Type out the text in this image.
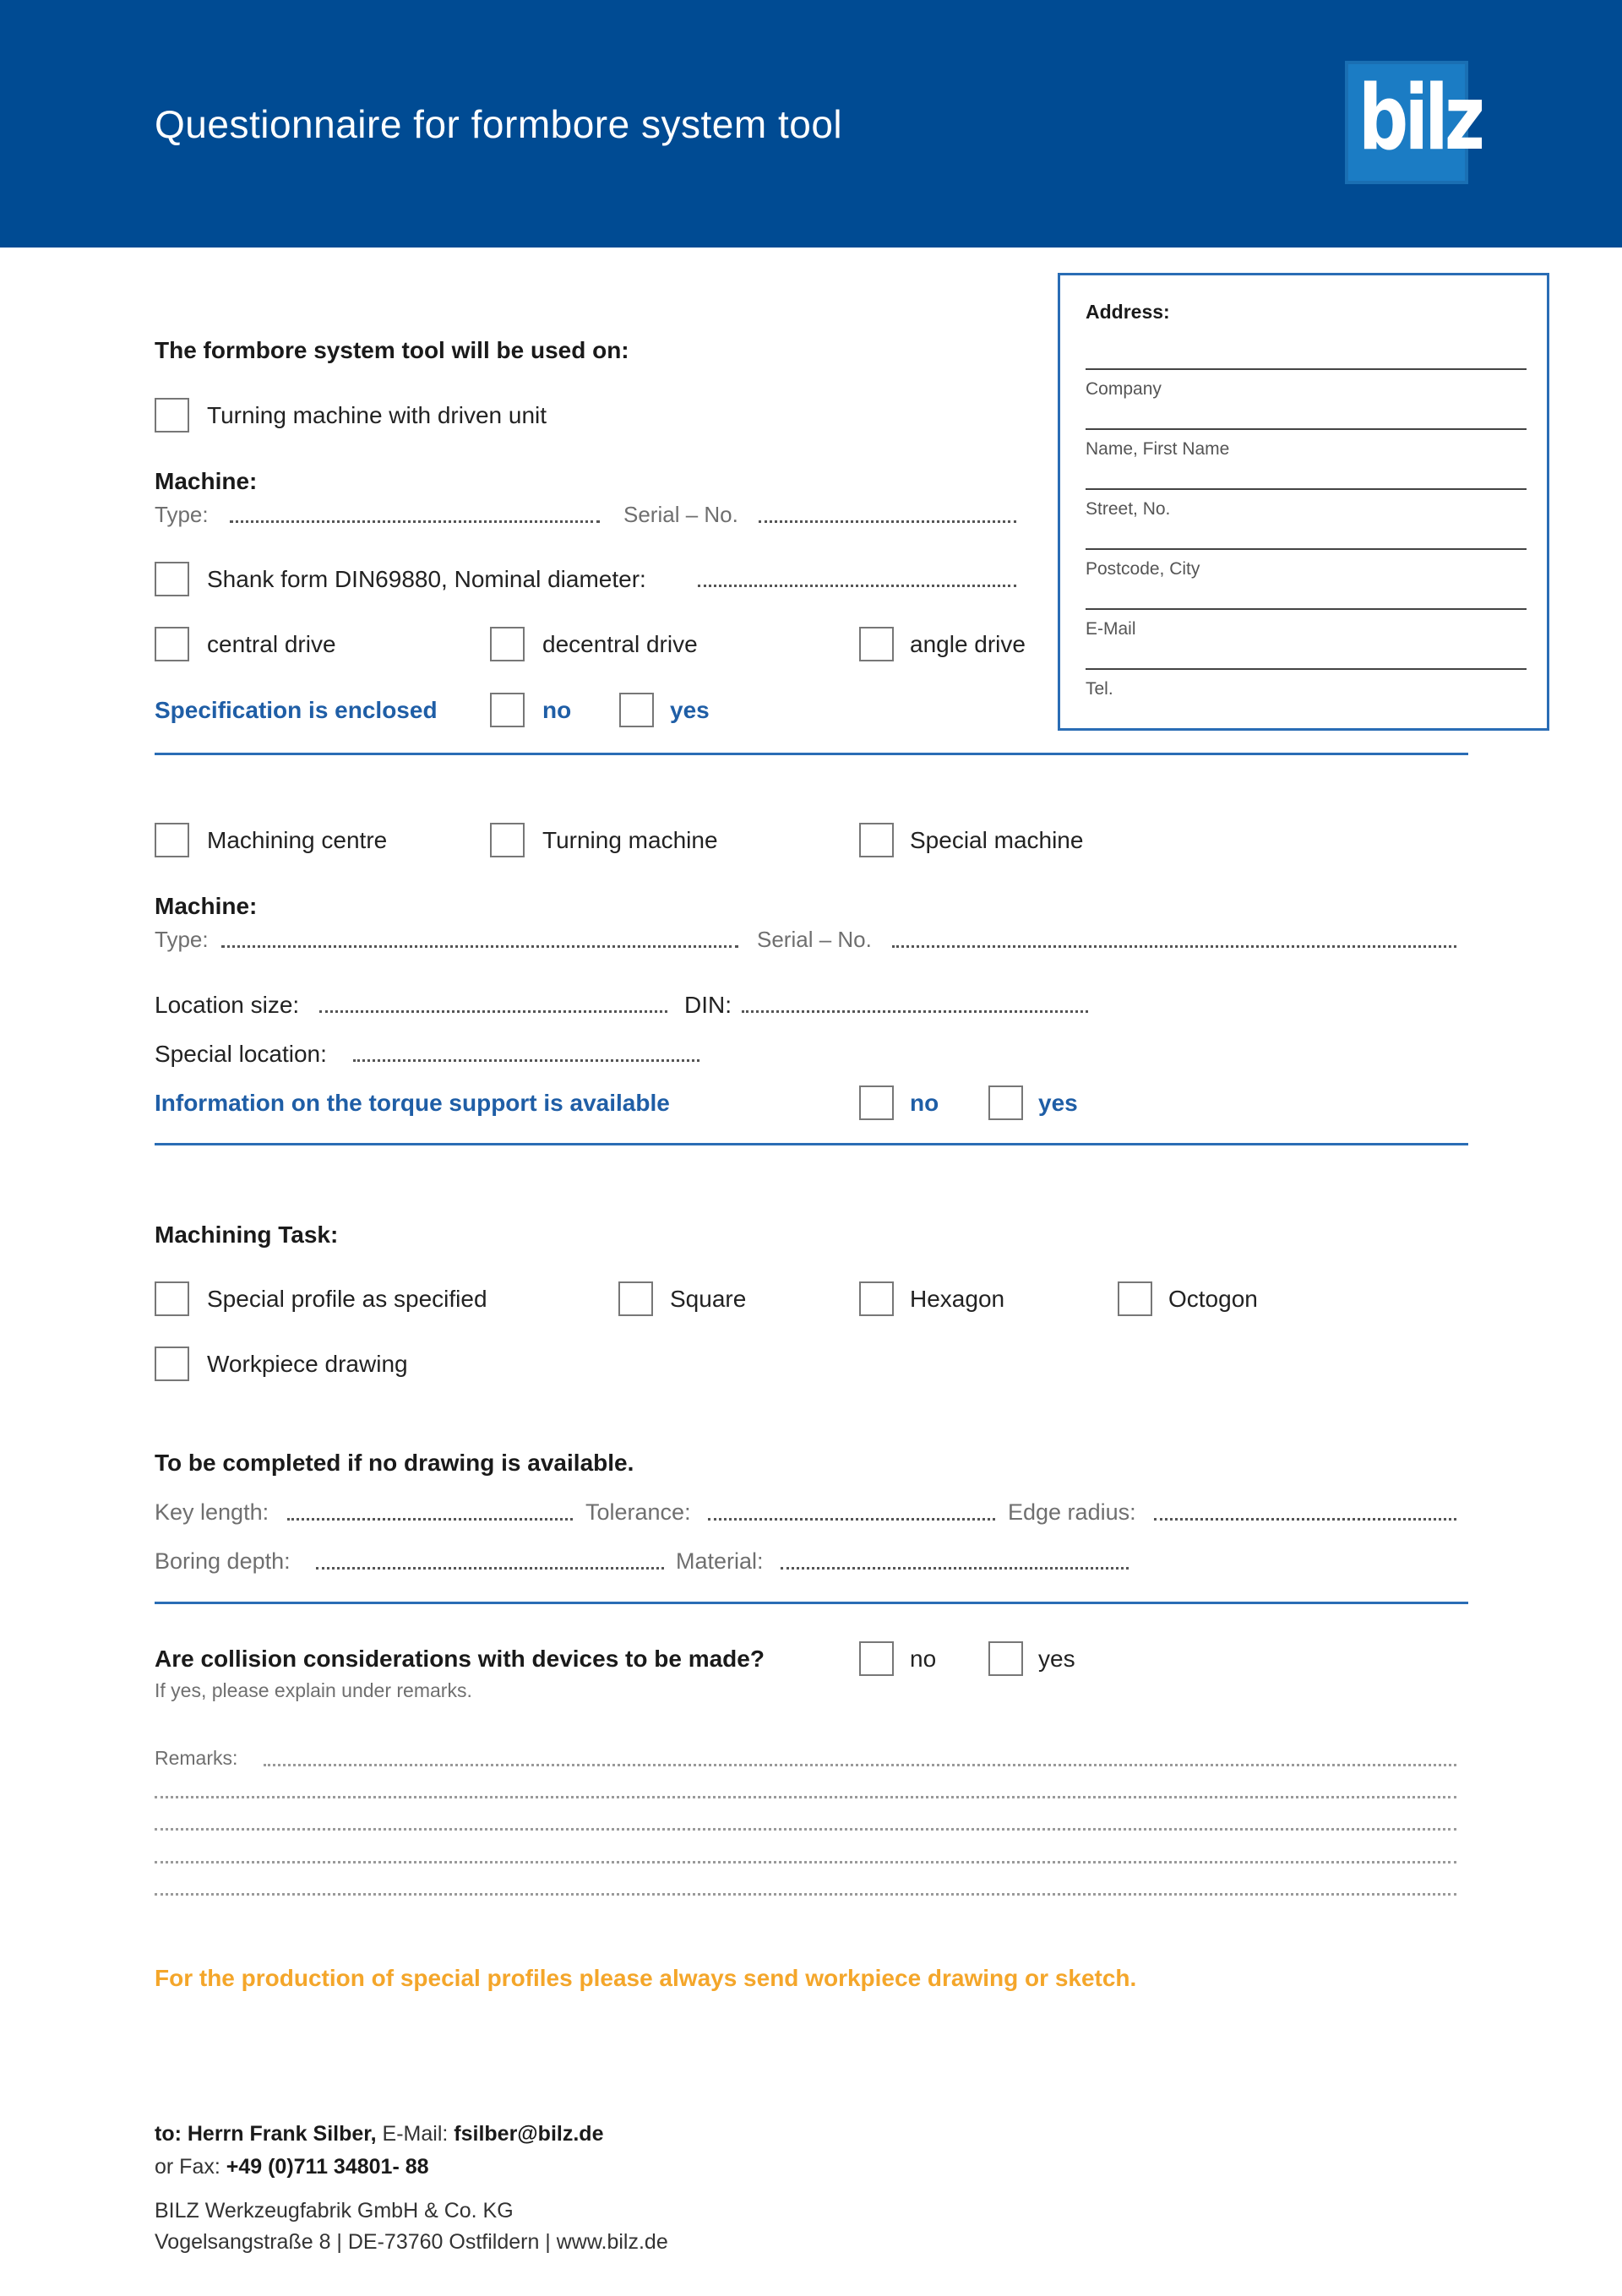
Questionnaire for formbore system tool	bilz
Address:
Company
Name, First Name
Street, No.
Postcode, City
E-Mail
Tel.
The formbore system tool will be used on:
Turning machine with driven unit
Machine:
Type:	Serial – No.
Shank form DIN69880, Nominal diameter:
central drive	decentral drive	angle drive
Specification is enclosed	no	yes
Machining centre	Turning machine	Special machine
Machine:
Type:	Serial – No.
Location size:	DIN:
Special location:
Information on the torque support is available	no	yes
Machining Task:
Special profile as specified	Square	Hexagon	Octogon
Workpiece drawing
To be completed if no drawing is available.
Key length:	Tolerance:	Edge radius:
Boring depth:	Material:
Are collision considerations with devices to be made?	no	yes
If yes, please explain under remarks.
Remarks:
For the production of special profiles please always send workpiece drawing or sketch.
to: Herrn Frank Silber, E-Mail: fsilber@bilz.de
or Fax: +49 (0)711 34801- 88
BILZ Werkzeugfabrik GmbH & Co. KG
Vogelsangstraße 8 | DE-73760 Ostfildern | www.bilz.de
